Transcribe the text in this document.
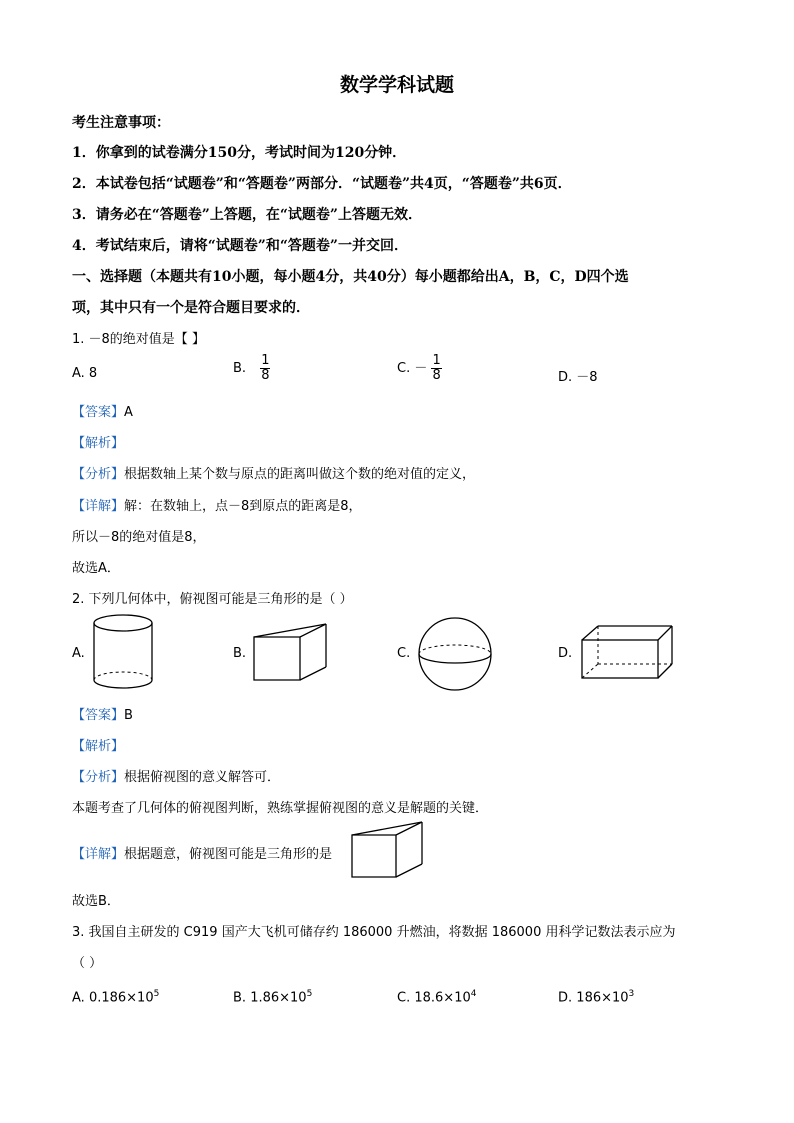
数学学科试题
考生注意事项：
1．你拿到的试卷满分150分，考试时间为120分钟．
2．本试卷包括“试题卷”和“答题卷”两部分．“试题卷”共4页，“答题卷”共6页．
3．请务必在“答题卷”上答题，在“试题卷”上答题无效．
4．考试结束后，请将“试题卷”和“答题卷”一并交回．
一、选择题（本题共有10小题，每小题4分，共40分）每小题都给出A，B，C，D四个选
项，其中只有一个是符合题目要求的．
1. －8的绝对值是【 】
A. 8	B. $\frac{1}{8}$	C. － $\frac{1}{8}$	D. －8
【答案】A
【解析】
【分析】根据数轴上某个数与原点的距离叫做这个数的绝对值的定义，
【详解】解：在数轴上，点－8到原点的距离是8，
所以－8的绝对值是8，
故选A．
2. 下列几何体中，俯视图可能是三角形的是（ ）
A.	B.	C.	D.
【答案】B
【解析】
【分析】根据俯视图的意义解答可．
本题考查了几何体的俯视图判断，熟练掌握俯视图的意义是解题的关键．
【详解】根据题意，俯视图可能是三角形的是
故选B．
3. 我国自主研发的 C919 国产大飞机可储存约 186000 升燃油，将数据 186000 用科学记数法表示应为
（ ）
A. $0.186\times 10^5$	B. $1.86\times 10^5$	C. $18.6\times 10^4$	D. $186\times 10^3$
